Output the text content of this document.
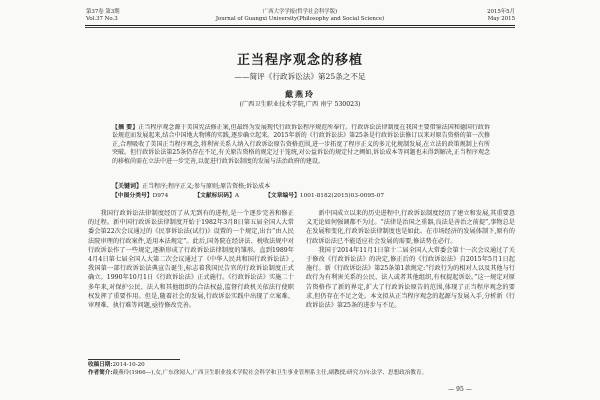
第37卷 第3期
Vol.37 No.3
广西大学学报(哲学社会科学版)
Journal of Guangxi University(Philosophy and Social Science)
2015年5月
May 2015
正当程序观念的移植
——简评《行政诉讼法》第25条之不足
戴燕玲
(广西卫生职业技术学院,广西 南宁 530023)
【摘 要】正当程序观念源于美国宪法修正案,但最终为发展现代行政诉讼程序规范所奉行。行政诉讼法律制度在我国主要借鉴法国和德国行政诉讼规范而发展起来,结合中国地大物博的实践,逐步确立起来。2015年新的《行政诉讼法》第25条是行政诉讼法修订以来对原告资格的第一次修正,合理吸收了美国正当程序观念,将利害关系人纳入行政诉讼原告资格范围,进一步拓宽了程序正义的多元化规制发展,在立法的政策规制上有所突破。但行政诉讼法第25条仍存在不足,有关原告资格的规定过于笼统,对公益诉讼的规定付之阙如,诉讼成本等问题也未得到解决,正当程序观念的移植尚需在立法中进一步完善,以促进行政诉讼制度的发展与法治政府的建设。
【关键词】正当程序;程序正义;参与原则;原告资格;诉讼成本
【中图分类号】D974	【文献标识码】A	【文章编号】1001-8182(2015)03-0095-07

我国行政诉讼法律制度经历了从无到有的进程,是一个逐步完善和修正的过程。新中国行政诉讼法律制度开始于1982年3月8日第五届全国人大常委会第22次会议通过的《民事诉讼法(试行)》设置的一个规定,出台“由人民法院审理的行政案件,适用本法规定”。此后,国务院在经济法、税收法规中对行政诉讼作了一些规定,逐渐形成了行政诉讼法律制度的雏形。直到1989年4月4日第七届全国人大第二次会议通过了《中华人民共和国行政诉讼法》,我国第一部行政诉讼法典宣告诞生,标志着我国民告官的行政诉讼制度正式确立。1990年10月1日《行政诉讼法》正式施行。《行政诉讼法》实施二十多年来,对保护公民、法人和其他组织的合法权益,监督行政机关依法行使职权发挥了重要作用。但是,随着社会的发展,行政诉讼实践中出现了立案难、审理难、执行难等问题,亟待修改完善。

新中国成立以来的历史进程中,行政诉讼制度经历了建立和发展,其重要意义无论如何强调都不为过。“法律是治国之重器,良法是善治之前提”,事物总是在发展和变化,行政诉讼法律制度也是如此。在市场经济的发展体制下,原有的行政诉讼法已不能适应社会发展的需要,修法势在必行。

我国于2014年11月1日第十二届全国人大常委会第十一次会议通过了关于修改《行政诉讼法》的决定,修正后的《行政诉讼法》自2015年5月1日起施行。新《行政诉讼法》第25条第1款规定:“行政行为的相对人以及其他与行政行为有利害关系的公民、法人或者其他组织,有权提起诉讼。”这一规定对原告资格作了新的界定,扩大了行政诉讼原告的范围,体现了正当程序观念的要求,但仍存在不足之处。本文拟从正当程序观念的起源与发展入手,分析新《行政诉讼法》第25条的进步与不足。

收稿日期:2014-10-20
作者简介:戴燕玲(1966—),女,广东徐闻人,广西卫生职业技术学院社会科学和卫生事业管理系主任,副教授;研究方向:法学、思想政治教育。
— 95 —
